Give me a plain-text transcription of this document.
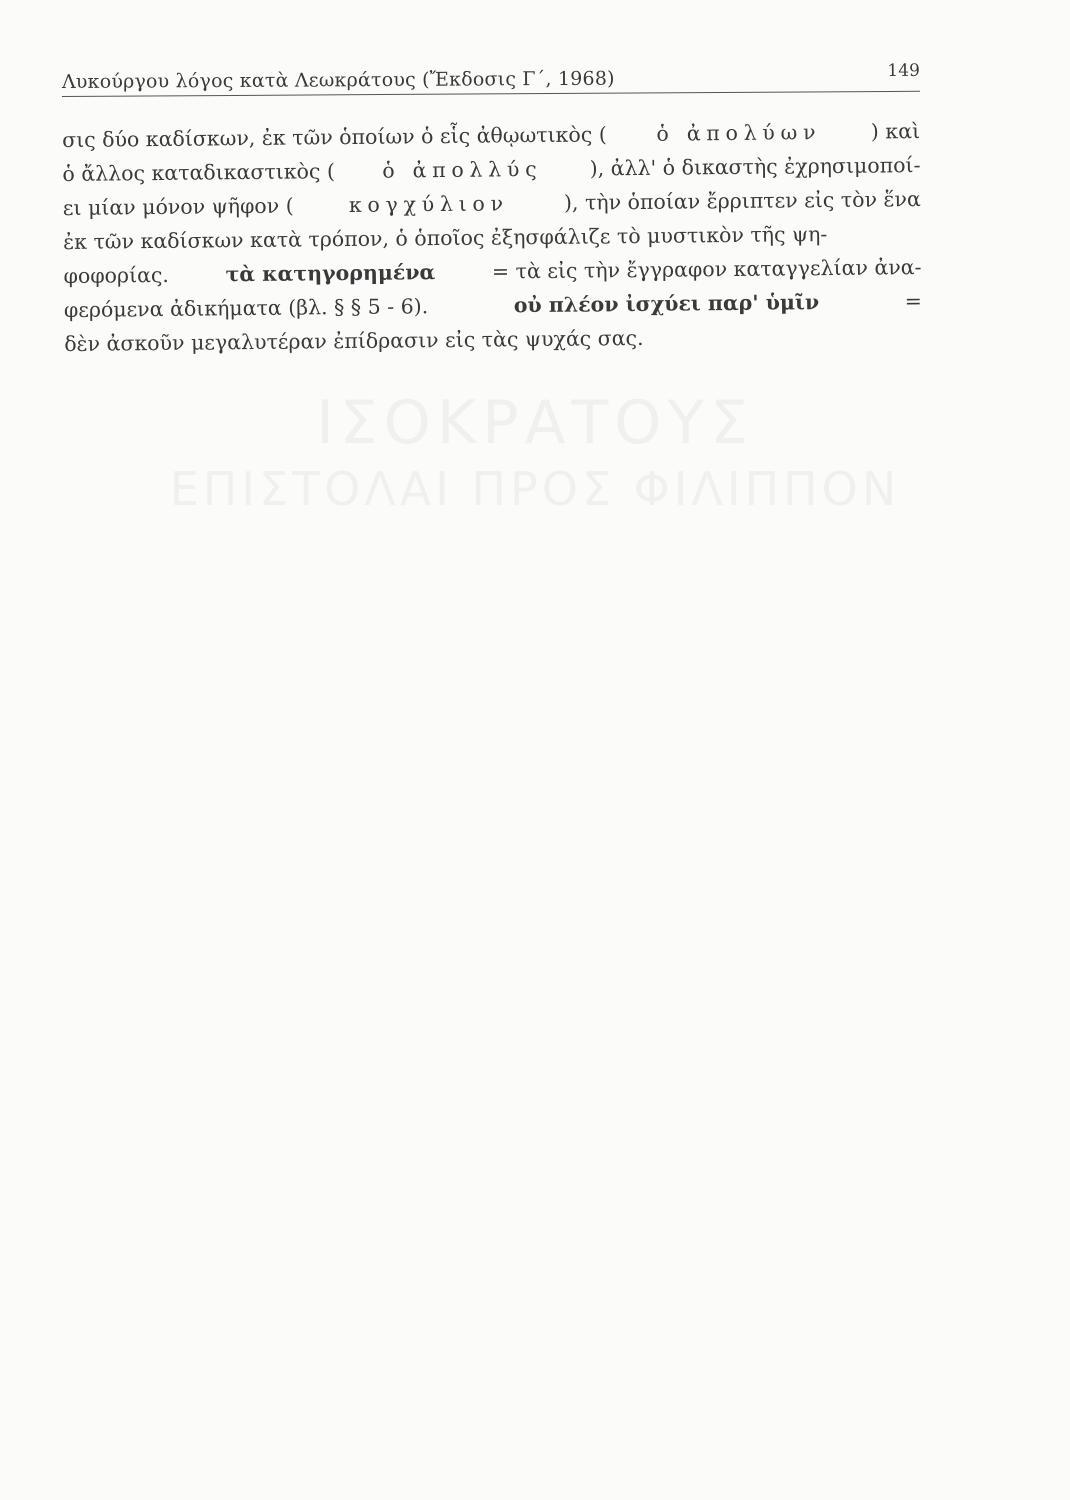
ΙΣΟΚΡΑΤΟΥΣ
ΕΠΙΣΤΟΛΑΙ ΠΡΟΣ ΦΙΛΙΠΠΟΝ
Λυκούργου λόγος κατὰ Λεωκράτους (Ἔκδοσις Γ΄, 1968)	149
σις δύο καδίσκων, ἐκ τῶν ὁποίων ὁ εἷς ἀθῳωτικὸς ( ὁ ἀπολύων ) καὶ
ὁ ἄλλος καταδικαστικὸς ( ὁ ἀπολλύς ), ἀλλ' ὁ δικαστὴς ἐχρησιμοποί-
ει μίαν μόνον ψῆφον (	κογχύλιον	), τὴν ὁποίαν ἔρριπτεν εἰς τὸν ἕνα
ἐκ τῶν καδίσκων κατὰ τρόπον, ὁ ὁποῖος ἐξησφάλιζε τὸ μυστικὸν τῆς ψη-
φοφορίας.	τὰ κατηγορημένα	= τὰ εἰς τὴν ἔγγραφον καταγγελίαν ἀνα-
φερόμενα ἀδικήματα (βλ. § § 5 - 6).	οὐ πλέον ἰσχύει παρ' ὑμῖν	=
δὲν ἀσκοῦν μεγαλυτέραν ἐπίδρασιν εἰς τὰς ψυχάς σας.
